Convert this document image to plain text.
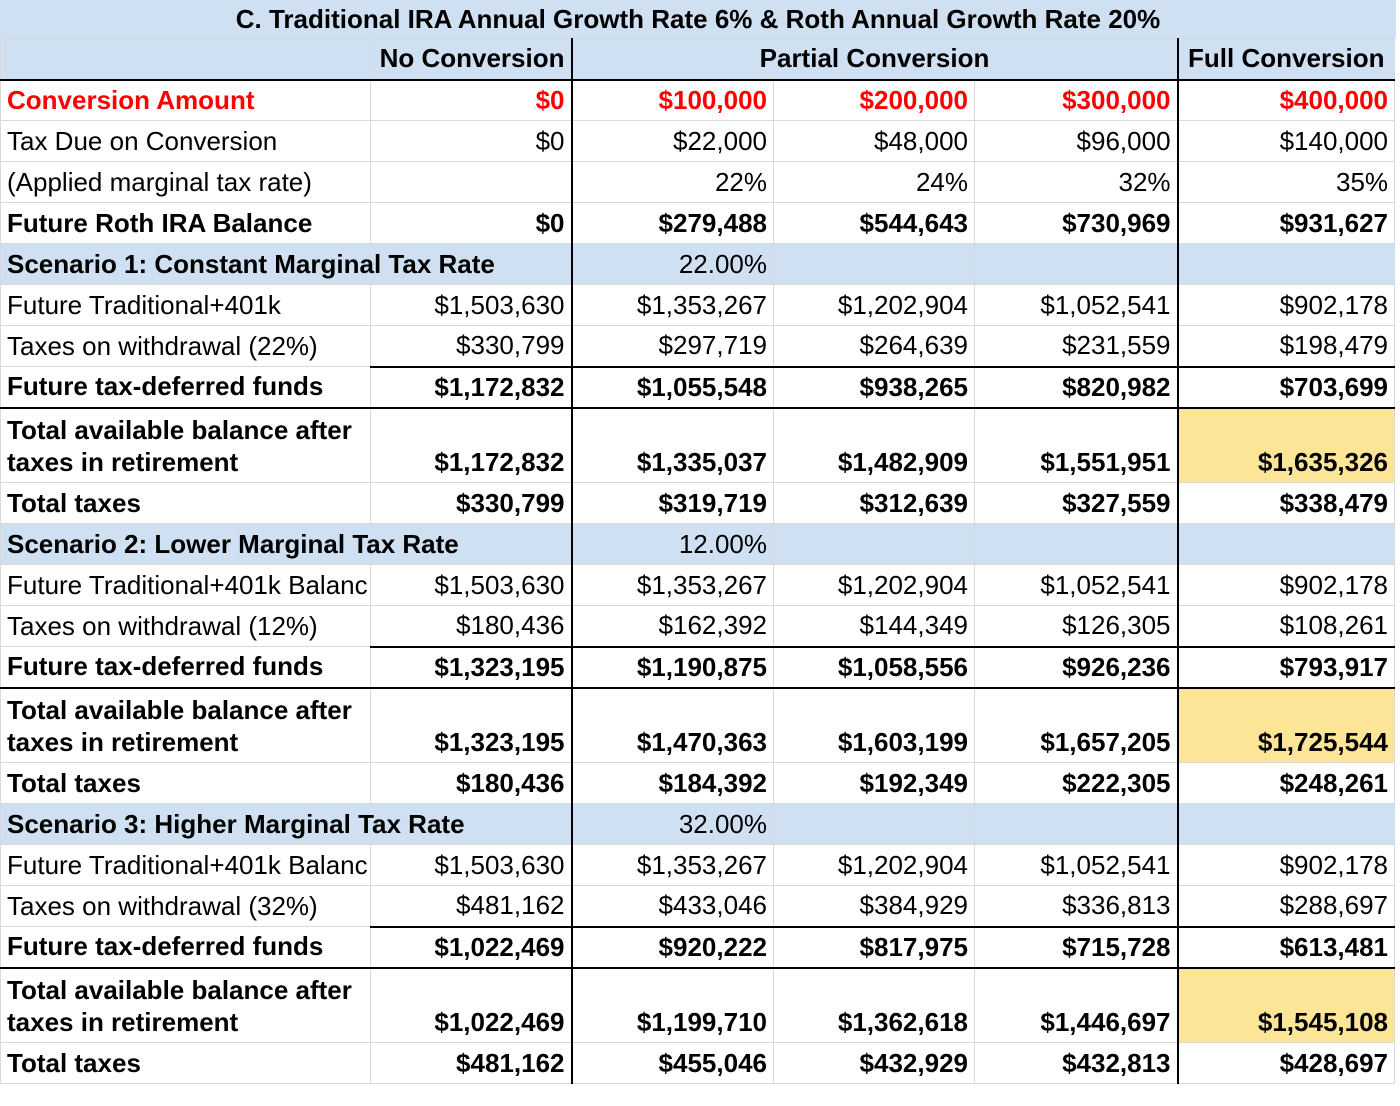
C. Traditional IRA Annual Growth Rate 6% & Roth Annual Growth Rate 20%
	No Conversion	Partial Conversion			Full Conversion
Conversion Amount	$0	$100,000	$200,000	$300,000	$400,000
Tax Due on Conversion	$0	$22,000	$48,000	$96,000	$140,000
(Applied marginal tax rate)		22%	24%	32%	35%
Future Roth IRA Balance	$0	$279,488	$544,643	$730,969	$931,627
Scenario 1: Constant Marginal Tax Rate		22.00%			
Future Traditional+401k	$1,503,630	$1,353,267	$1,202,904	$1,052,541	$902,178
Taxes on withdrawal (22%)	$330,799	$297,719	$264,639	$231,559	$198,479
Future tax-deferred funds	$1,172,832	$1,055,548	$938,265	$820,982	$703,699
Total available balance after taxes in retirement	$1,172,832	$1,335,037	$1,482,909	$1,551,951	$1,635,326
Total taxes	$330,799	$319,719	$312,639	$327,559	$338,479
Scenario 2: Lower Marginal Tax Rate		12.00%			
Future Traditional+401k Balanc	$1,503,630	$1,353,267	$1,202,904	$1,052,541	$902,178
Taxes on withdrawal (12%)	$180,436	$162,392	$144,349	$126,305	$108,261
Future tax-deferred funds	$1,323,195	$1,190,875	$1,058,556	$926,236	$793,917
Total available balance after taxes in retirement	$1,323,195	$1,470,363	$1,603,199	$1,657,205	$1,725,544
Total taxes	$180,436	$184,392	$192,349	$222,305	$248,261
Scenario 3: Higher Marginal Tax Rate		32.00%			
Future Traditional+401k Balanc	$1,503,630	$1,353,267	$1,202,904	$1,052,541	$902,178
Taxes on withdrawal (32%)	$481,162	$433,046	$384,929	$336,813	$288,697
Future tax-deferred funds	$1,022,469	$920,222	$817,975	$715,728	$613,481
Total available balance after taxes in retirement	$1,022,469	$1,199,710	$1,362,618	$1,446,697	$1,545,108
Total taxes	$481,162	$455,046	$432,929	$432,813	$428,697
